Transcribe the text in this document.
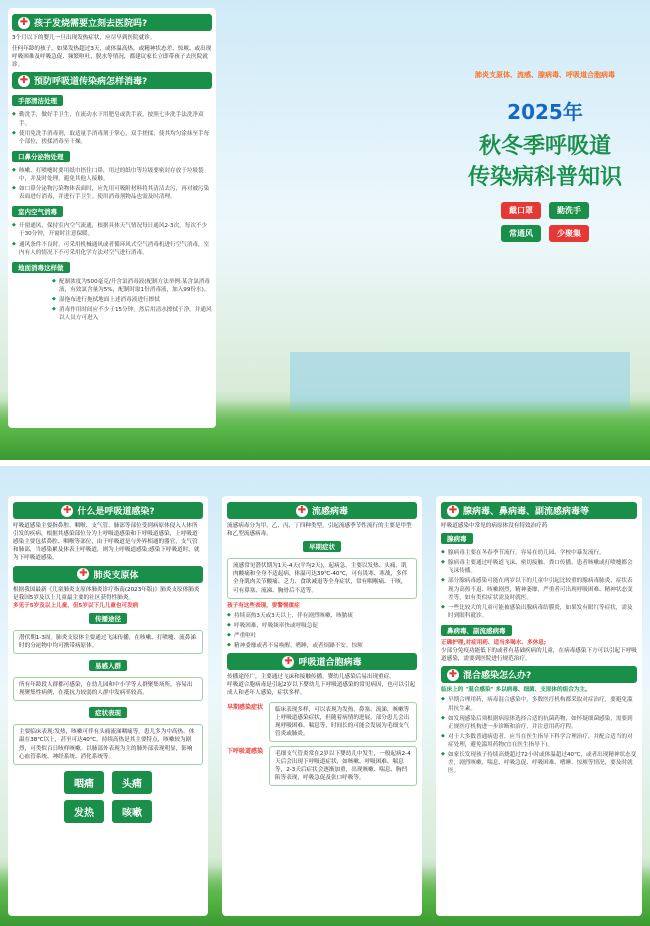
✚ 孩子发烧需要立刻去医院吗?

3个月以下的婴儿一旦出现发热症状，应尽早到医院就诊。

任何年龄的孩子，如果发热超过3天，或体温高热，或精神状态差、惊厥、或出现呼吸困难及呼吸急促、频繁呕吐、脱水等情况，都建议家长立即带孩子去医院就诊。

✚ 预防呼吸道传染病怎样消毒?
手部清洁处理
◆ 勤洗手，做好手卫生，在流动水下用肥皂或洗手液，按照七步洗手法洗净双手。
◆ 使用免洗手消毒剂，取适量手消毒剂于掌心，双手搓揉，使其均匀涂抹至手每个部位，搓揉消毒至干燥。
口鼻分泌物处理
◆ 咳嗽、打喷嚏时要用纸巾捂住口鼻，用过的纸巾等垃圾要密封存放于垃圾袋中，并及时处理，避免其他人接触。
◆ 如口鼻分泌物污染物体表面时，应先用可吸附材料将其清洁去污，再对被污染表面进行消毒，并进行手卫生。使用消毒剂物品也需及时清理。
室内空气消毒
◆ 开窗通风，保持室内空气流通，根据具体天气情况每日通风2-3次，每次不少于30分钟，开窗时注意保暖。
◆ 通风条件不良时，可采用机械通风或者循环风式空气消毒机进行空气消毒，室内有人的情况下不可采用化学方法对空气进行消毒。
地面消毒这样做
◆ 配制浓度为500毫克/升含氯消毒液(配制方法举例:某含氯消毒液，有效氯含量为5%，配制时取1份消毒液，加入99份水)。
◆ 湿拖布进行拖拭地面上述消毒液进行擦拭
◆ 消毒作用时间应不少于15分钟，然后用清水擦拭干净，并通风以人员方可进入
肺炎支原体、流感、腺病毒、呼吸道合胞病毒
2025年
秋冬季呼吸道
传染病科普知识
戴口罩	勤洗手
常通风	少聚集
✚ 什么是呼吸道感染?

呼吸道感染主要指鼻腔、咽喉、支气管、肺部等部位受到病原体侵入人体所引发的疾病，根据其感染部位分为上呼吸道感染和下呼吸道感染，上呼吸道感染主要包括鼻腔、咽喉等部位，由于呼吸道是与外界相通的器官，支气管和肺部，当感染累及体表上呼吸道，则为上呼吸道感染;感染下呼吸道时，就为下呼吸道感染。

✚ 肺炎支原体

根据我国最新《儿童肺炎支原体肺炎诊疗指南(2023年版)》肺炎支原体肺炎是我国5岁及以上儿童最主要的社区获得性肺炎。

多见于5岁及以上儿童，但5岁以下儿儿童也可发病

传播途径
潜伏期1-3周。肺炎支原体主要通过飞沫传播，在咳嗽、打喷嚏、流鼻涕时的分泌物中均可携带病原体。
易感人群
所有年龄段人群都可感染，在幼儿园和中小学等人群聚集场所，容易出现聚集性病例，在抵抗力较弱的人群中发病率较高。
症状表现
主要临床表现:发热，咳嗽可伴有头痛流涕咽痛等。患儿多为中高热，体温在38℃以上，甚至可达40℃，持续高热是其主要特点，咳嗽较为剧烈，可类似百日咳样咳嗽。以肺部外表现为主的肺外部表现明显，影响心血管系统、神经系统、消化系统等。
咽痛	头痛
发热	咳嗽
✚ 流感病毒

流感病毒分为甲、乙、丙、丁四种类型，引起流感季节性流行的主要是甲型和乙型流感病毒。

早期症状
流感常见潜伏期为1天-4天(平均2天)，起病急，主要以发热、头痛、肌肉酸痛和全身不适起病，体温可达39℃-40℃，可有畏寒、寒战，多伴全身肌肉关节酸痛、乏力、食欲减退等全身症状，常有咽喉痛、干咳，可有鼻塞、流涕、胸骨后不适等。

孩子有这些表现，要警惕重症

◆ 持续高热3天或3天以上，伴有剧烈咳嗽、咳脓痰
◆ 呼吸困难，呼吸频率快或呼吸急促
◆ 严重呕吐
◆ 精神委靡或者不易唤醒、嗜睡，或者烦躁不安、惊厥
✚ 呼吸道合胞病毒

传播途径广，主要通过飞沫和接触传播，婴幼儿感染后易出现重症。

呼吸道合胞病毒是引起2岁以下婴幼儿下呼吸道感染的常见病因，也可以引起成人和老年人感染，症状多样。

早期感染症状	临床表现多样，可以表现为发热，鼻塞、流涕，咳嗽等上呼吸道感染症状，但随着病情的进展，部分患儿会出现呼吸困难、喘息等，时间长的可能会发展为毛细支气管炎或肺炎。
下呼吸道感染	毛细支气管炎常在2岁以下婴幼儿中发生，一般起病2-4天后会出现下呼吸道症状，如咳嗽、呼吸困难、喘息等，2-3天后症状会逐渐加重，出现咳嗽、喘息、胸凹陷等表现，呼吸急促及张口呼吸等。
✚ 腺病毒、鼻病毒、副流感病毒等

呼吸道感染中常见的病原体没有特效治疗药

腺病毒
◆ 腺病毒主要在冬春季节流行，容易在幼儿园、学校中暴发流行。
◆ 腺病毒主要通过呼吸道飞沫、密切接触、粪口传播，患者咳嗽或打喷嚏都会飞沫传播。
◆ 部分腺病毒感染可能在两岁以下的儿童中引起比较重的腺病毒肺炎，症状表现为高热不退、咳嗽剧烈，精神萎靡，严重者可出现呼吸困难、精神状态变差等，如有类似症状需及时就医。
◆ 一些比较大的儿童可能被感染出腺病毒结膜炎，如果发有眼红等症状，需及时到眼科就诊。
鼻病毒、副流感病毒

正确护理,对症用药、适当多喝水、多休息;

少部分免疫功能低下的或者有基础疾病的儿童，在病毒感染下方可以引起下呼吸道感染，需要到医院进行规范治疗。

✚ 混合感染怎么办?

临床上的 "混合感染" 多以病毒、细菌、支原体的组合为主。

◆ 早期合理用药，病毒混合感染中，多数医疗机构都采取对症治疗，要避免滥用抗生素。
◆ 如发现感染后须根据病原体选择合适的抗菌药物，如怀疑细菌感染，需要到正规医疗机构进一步诊断和治疗，并注意用药疗程。
◆ 对于大多数普通病患者，应当在医生指导下科学合理治疗，并配合适当的对症处理，避免滥用药物(宜在医生指导下)。
◆ 如家长发现孩子持续高烧超过72小时或体温超过40℃，或者出现精神状态变差，剧烈咳嗽、喘息、呼吸急促、呼吸困难、嗜睡、惊厥等情况，要及时就医。
